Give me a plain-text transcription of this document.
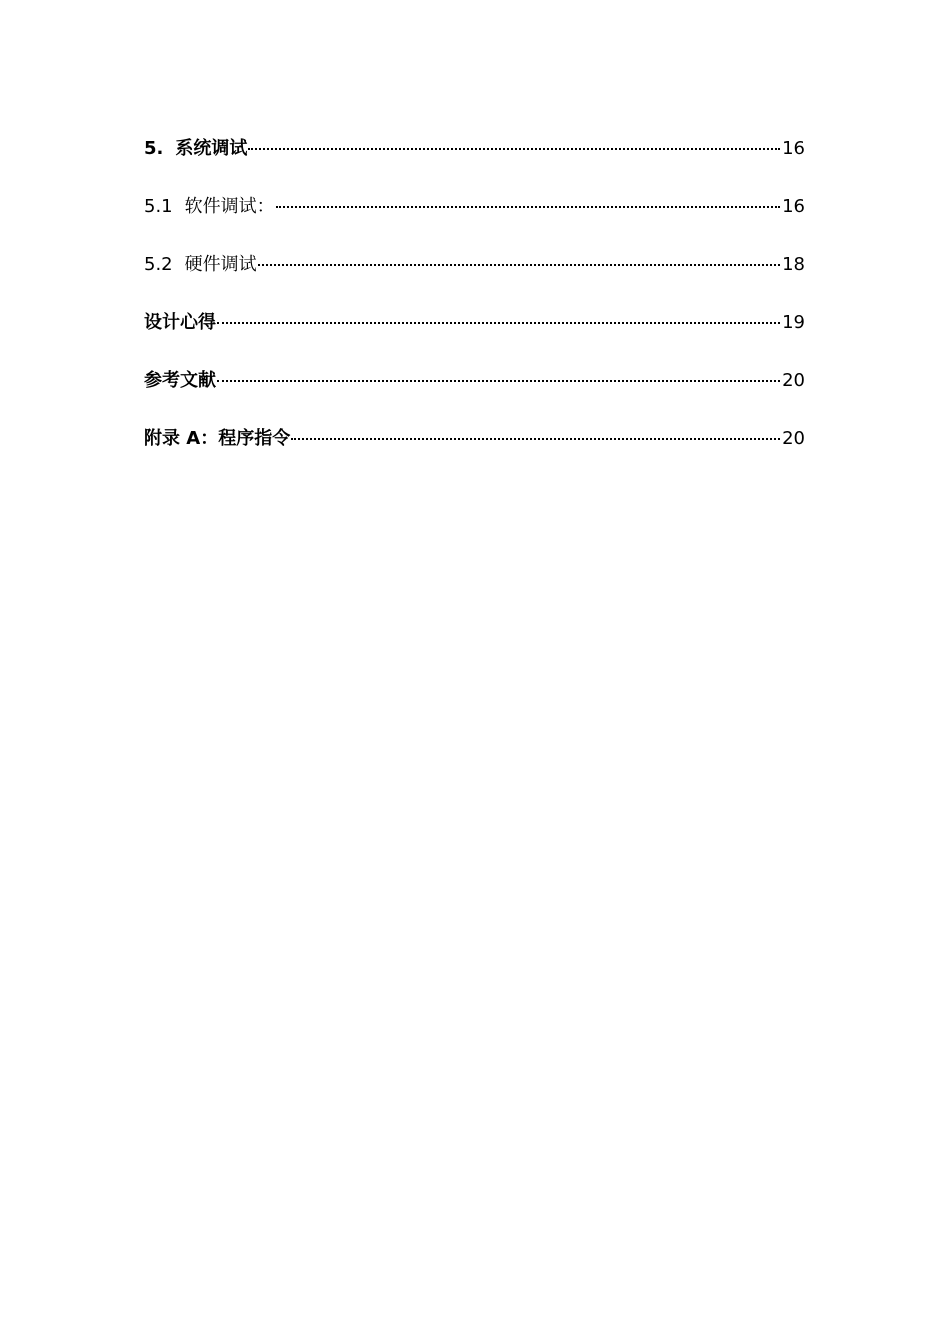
5. 系统调试	16
5.1 软件调试：	16
5.2 硬件调试	18
设计心得	19
参考文献	20
附录 A：程序指令	20
